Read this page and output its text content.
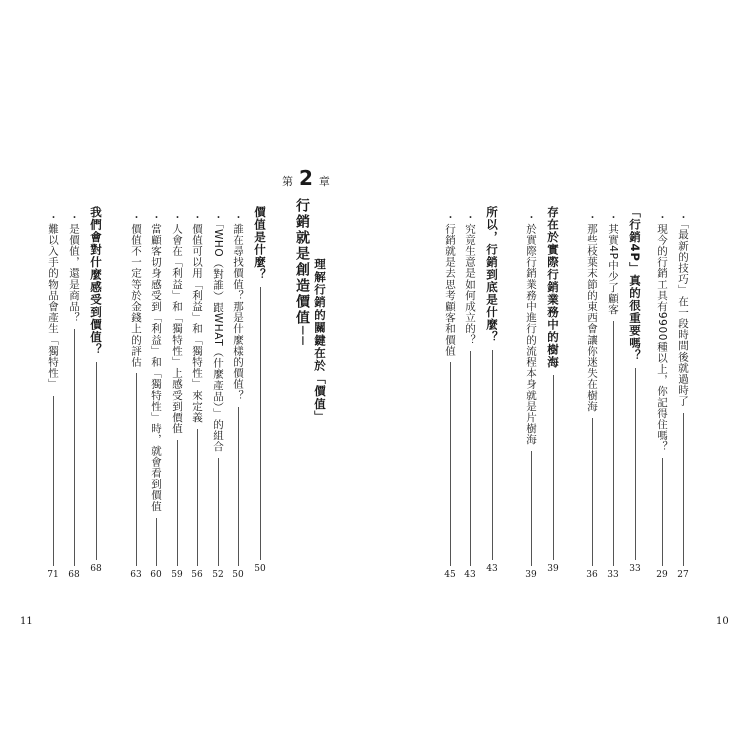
第 2 章
行銷就是創造價值── 理解行銷的關鍵在於「價值」	・「最新的技巧」在一段時間後就過時了
27
・現今的行銷工具有9900種以上，你記得住嗎？
29
「行銷4P」真的很重要嗎？
33
・其實4P中少了顧客
33
・那些枝葉末節的東西會讓你迷失在樹海
36
存在於實際行銷業務中的樹海
39
・於實際行銷業務中進行的流程本身就是片樹海
39
所以，行銷到底是什麼？
43
・究竟生意是如何成立的？
43
・行銷就是去思考顧客和價值
45
價值是什麼？
50
・誰在尋找價值？那是什麼樣的價值？
50
・「WHO（對誰）跟WHAT（什麼產品）」的組合
52
・價值可以用「利益」和「獨特性」來定義
56
・人會在「利益」和「獨特性」上感受到價值
59
・當顧客切身感受到「利益」和「獨特性」時，就會看到價值
60
・價值不一定等於金錢上的評估
63
我們會對什麼感受到價值？
68
・是價值，還是商品？
68
・難以入手的物品會產生「獨特性」
71
11	10
